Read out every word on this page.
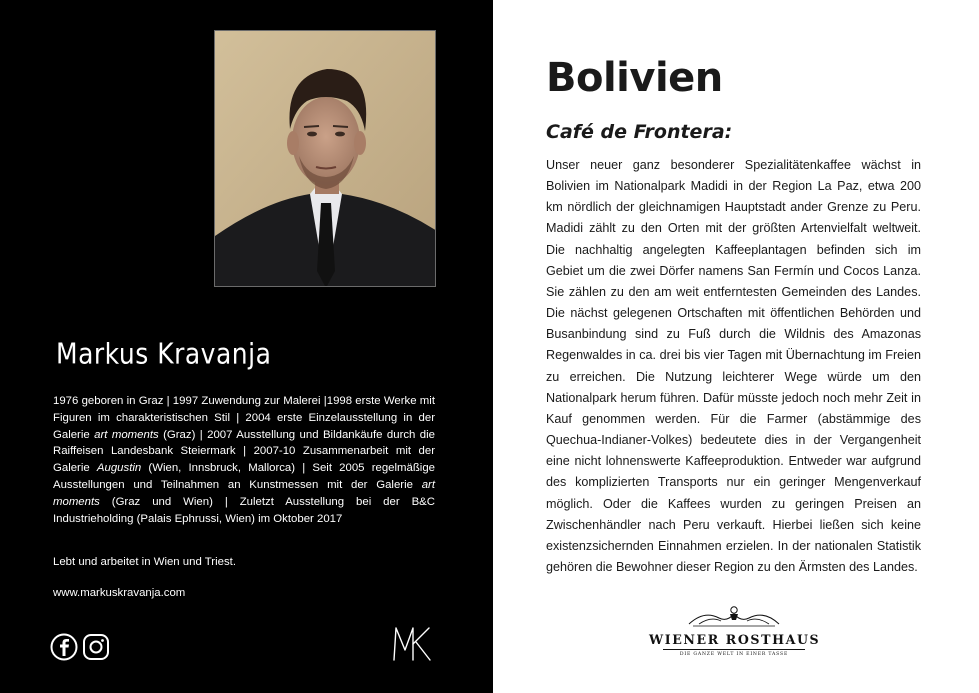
Markus Kravanja

1976 geboren in Graz | 1997 Zuwendung zur Malerei |1998 erste Werke mit Figuren im charakteristischen Stil | 2004 erste Einzelausstellung in der Galerie art moments (Graz) | 2007 Ausstellung und Bildankäufe durch die Raiffeisen Landesbank Steiermark | 2007-10 Zusammenarbeit mit der Galerie Augustin (Wien, Innsbruck, Mallorca) | Seit 2005 regelmäßige Ausstellungen und Teilnahmen an Kunstmessen mit der Galerie art moments (Graz und Wien) | Zuletzt Ausstellung bei der B&C Industrieholding (Palais Ephrussi, Wien) im Oktober 2017

Lebt und arbeitet in Wien und Triest.
www.markuskravanja.com
Bolivien
Café de Frontera:

Unser neuer ganz besonderer Spezialitätenkaffee wächst in Bolivien im Nationalpark Madidi in der Region La Paz, etwa 200 km nördlich der gleichnamigen Hauptstadt ander Grenze zu Peru. Madidi zählt zu den Orten mit der größten Artenvielfalt weltweit. Die nachhaltig angelegten Kaffeeplantagen befinden sich im Gebiet um die zwei Dörfer namens San Fermín und Cocos Lanza. Sie zählen zu den am weit entferntesten Gemeinden des Landes. Die nächst gelegenen Ortschaften mit öffentlichen Behörden und Busanbindung sind zu Fuß durch die Wildnis des Amazonas Regenwaldes in ca. drei bis vier Tagen mit Übernachtung im Freien zu erreichen. Die Nutzung leichterer Wege würde um den Nationalpark herum führen. Dafür müsste jedoch noch mehr Zeit in Kauf genommen werden. Für die Farmer (abstämmige des Quechua-Indianer-Volkes) bedeutete dies in der Vergangenheit eine nicht lohnenswerte Kaffeeproduktion. Entweder war aufgrund des komplizierten Transports nur ein geringer Mengenverkauf möglich. Oder die Kaffees wurden zu geringen Preisen an Zwischenhändler nach Peru verkauft. Hierbei ließen sich keine existenzsichernden Einnahmen erzielen. In der nationalen Statistik gehören die Bewohner dieser Region zu den Ärmsten des Landes.

WIENER ROSTHAUS
DIE GANZE WELT IN EINER TASSE
